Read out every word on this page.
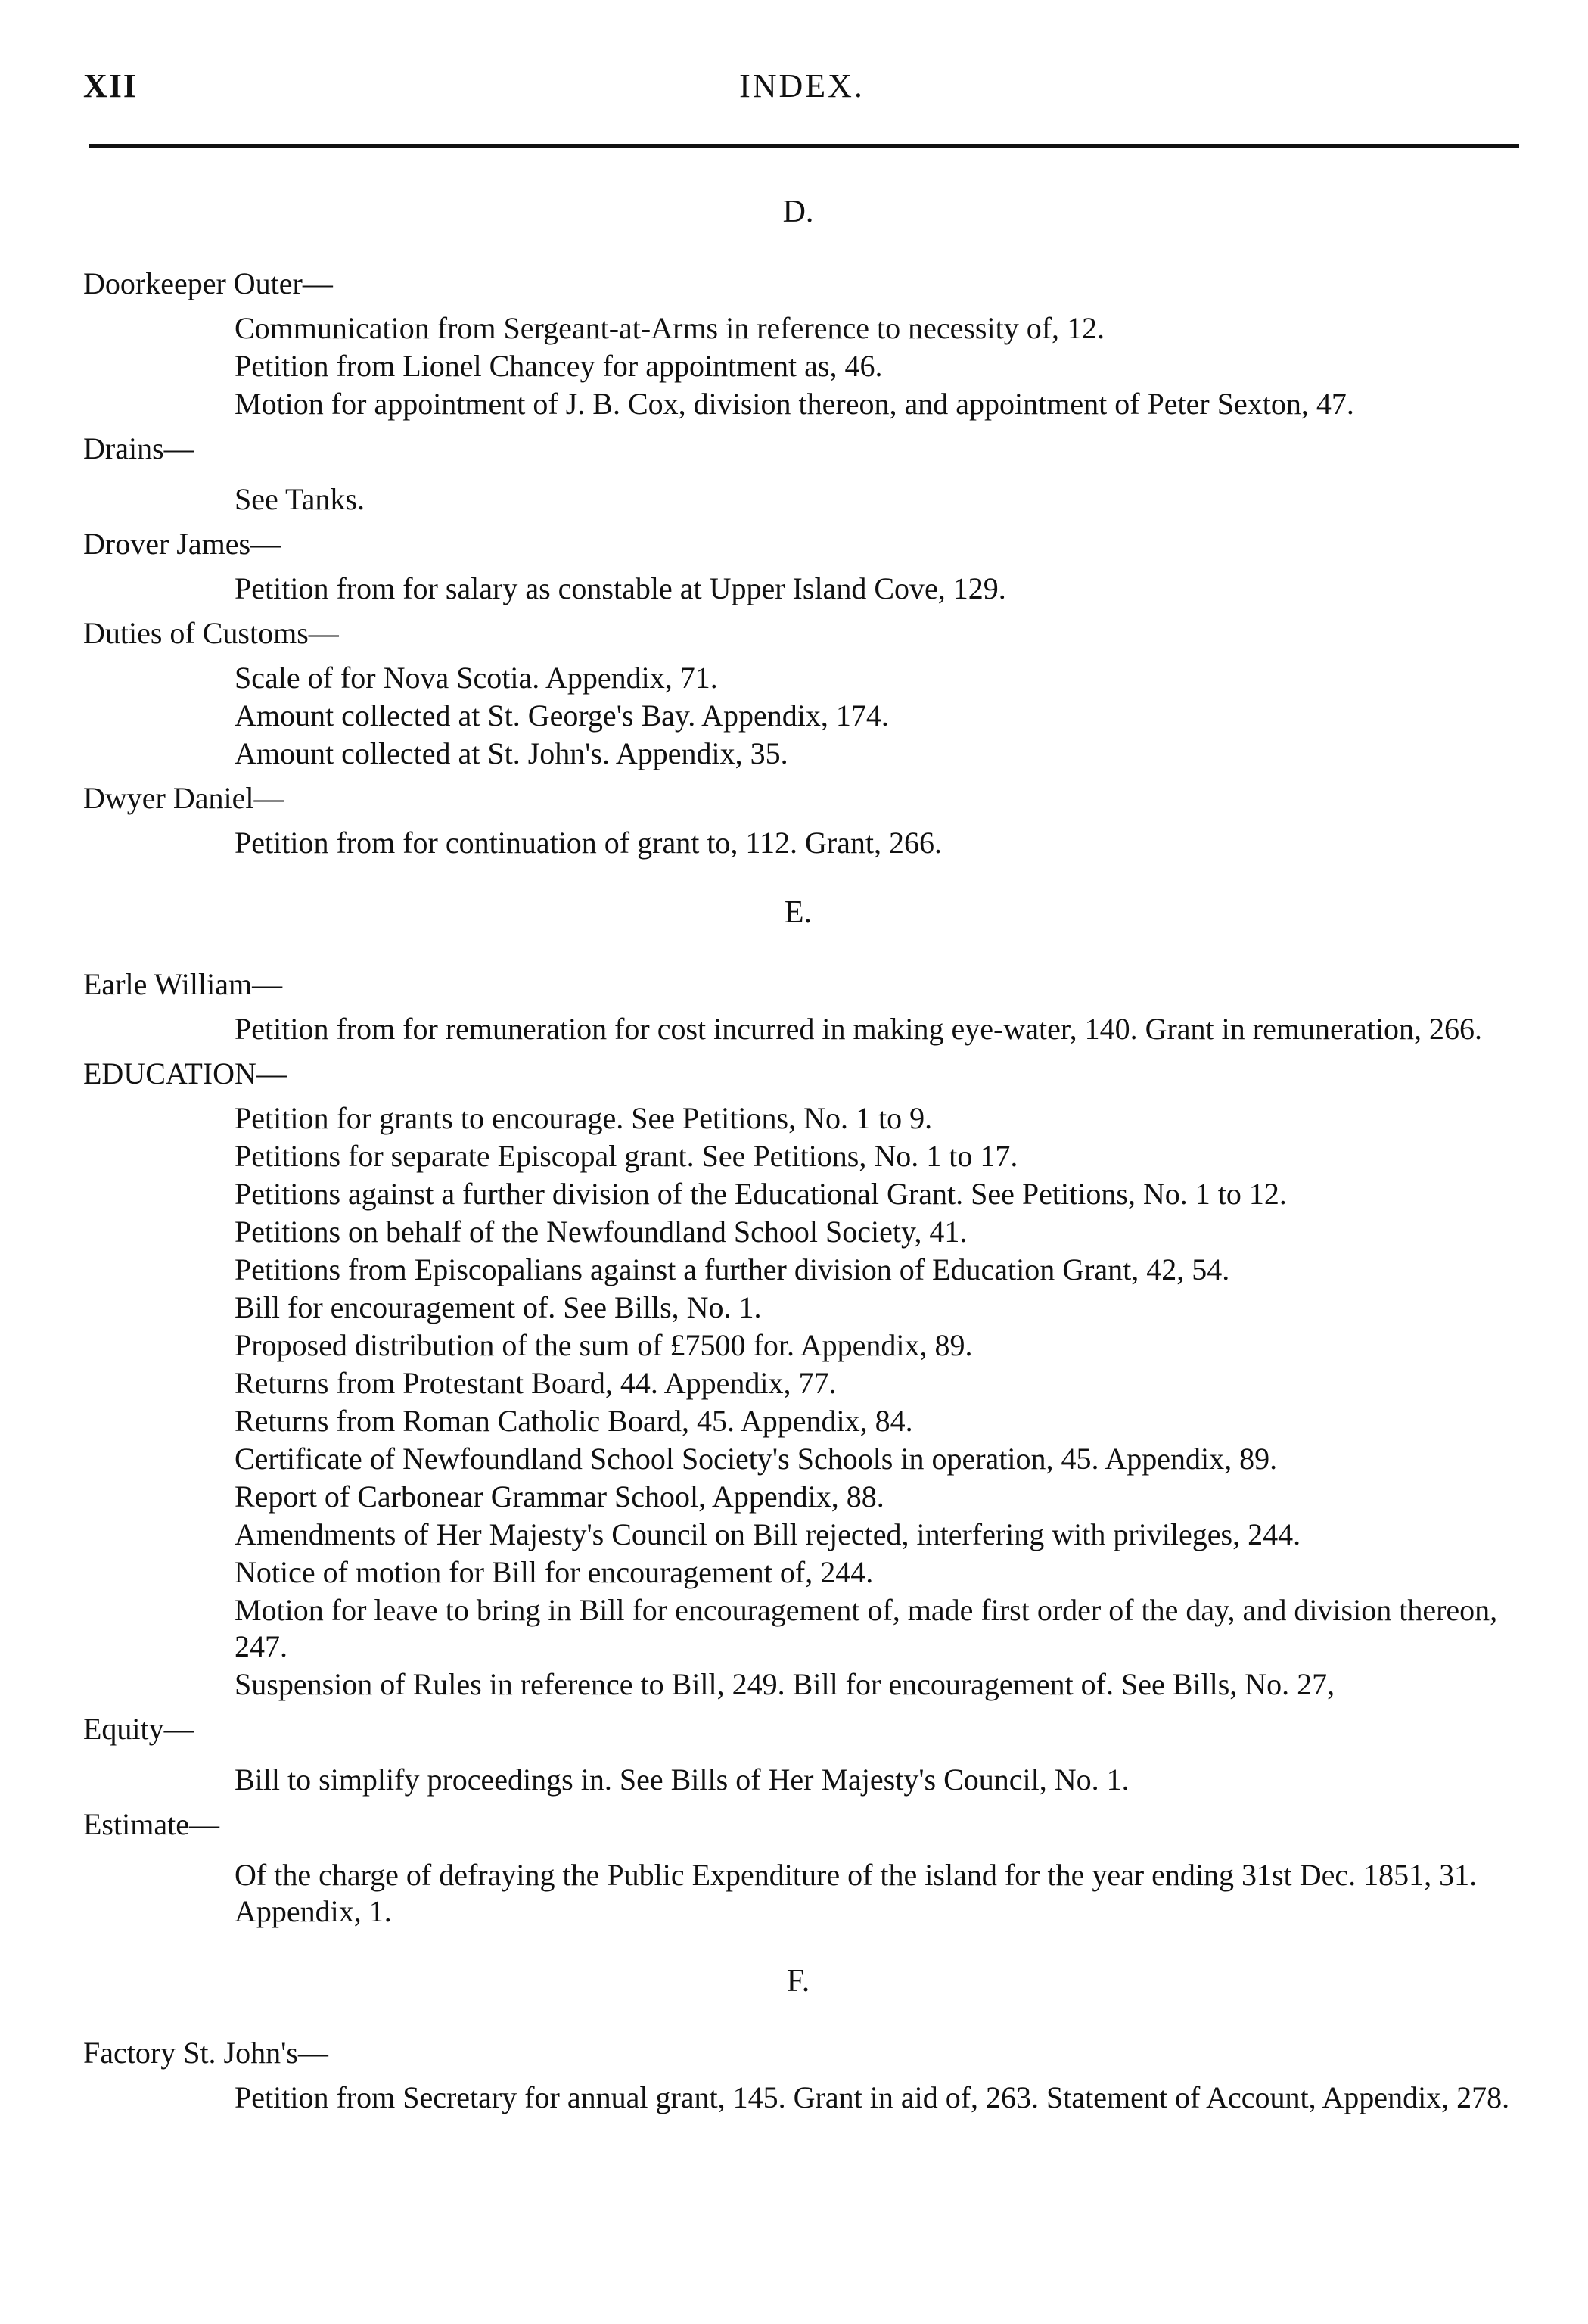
XII	INDEX.
D.
Doorkeeper Outer—
Communication from Sergeant-at-Arms in reference to necessity of, 12.
Petition from Lionel Chancey for appointment as, 46.
Motion for appointment of J. B. Cox, division thereon, and appointment of Peter Sexton, 47.
Drains—
See Tanks.
Drover James—
Petition from for salary as constable at Upper Island Cove, 129.
Duties of Customs—
Scale of for Nova Scotia. Appendix, 71.
Amount collected at St. George's Bay. Appendix, 174.
Amount collected at St. John's. Appendix, 35.
Dwyer Daniel—
Petition from for continuation of grant to, 112. Grant, 266.
E.
Earle William—
Petition from for remuneration for cost incurred in making eye-water, 140. Grant in remuneration, 266.
EDUCATION—
Petition for grants to encourage. See Petitions, No. 1 to 9.
Petitions for separate Episcopal grant. See Petitions, No. 1 to 17.
Petitions against a further division of the Educational Grant. See Petitions, No. 1 to 12.
Petitions on behalf of the Newfoundland School Society, 41.
Petitions from Episcopalians against a further division of Education Grant, 42, 54.
Bill for encouragement of. See Bills, No. 1.
Proposed distribution of the sum of £7500 for. Appendix, 89.
Returns from Protestant Board, 44. Appendix, 77.
Returns from Roman Catholic Board, 45. Appendix, 84.
Certificate of Newfoundland School Society's Schools in operation, 45. Appendix, 89.
Report of Carbonear Grammar School, Appendix, 88.
Amendments of Her Majesty's Council on Bill rejected, interfering with privileges, 244.
Notice of motion for Bill for encouragement of, 244.
Motion for leave to bring in Bill for encouragement of, made first order of the day, and division thereon, 247.
Suspension of Rules in reference to Bill, 249. Bill for encouragement of. See Bills, No. 27,
Equity—
Bill to simplify proceedings in. See Bills of Her Majesty's Council, No. 1.
Estimate—
Of the charge of defraying the Public Expenditure of the island for the year ending 31st Dec. 1851, 31. Appendix, 1.
F.
Factory St. John's—
Petition from Secretary for annual grant, 145. Grant in aid of, 263. Statement of Account, Appendix, 278.
